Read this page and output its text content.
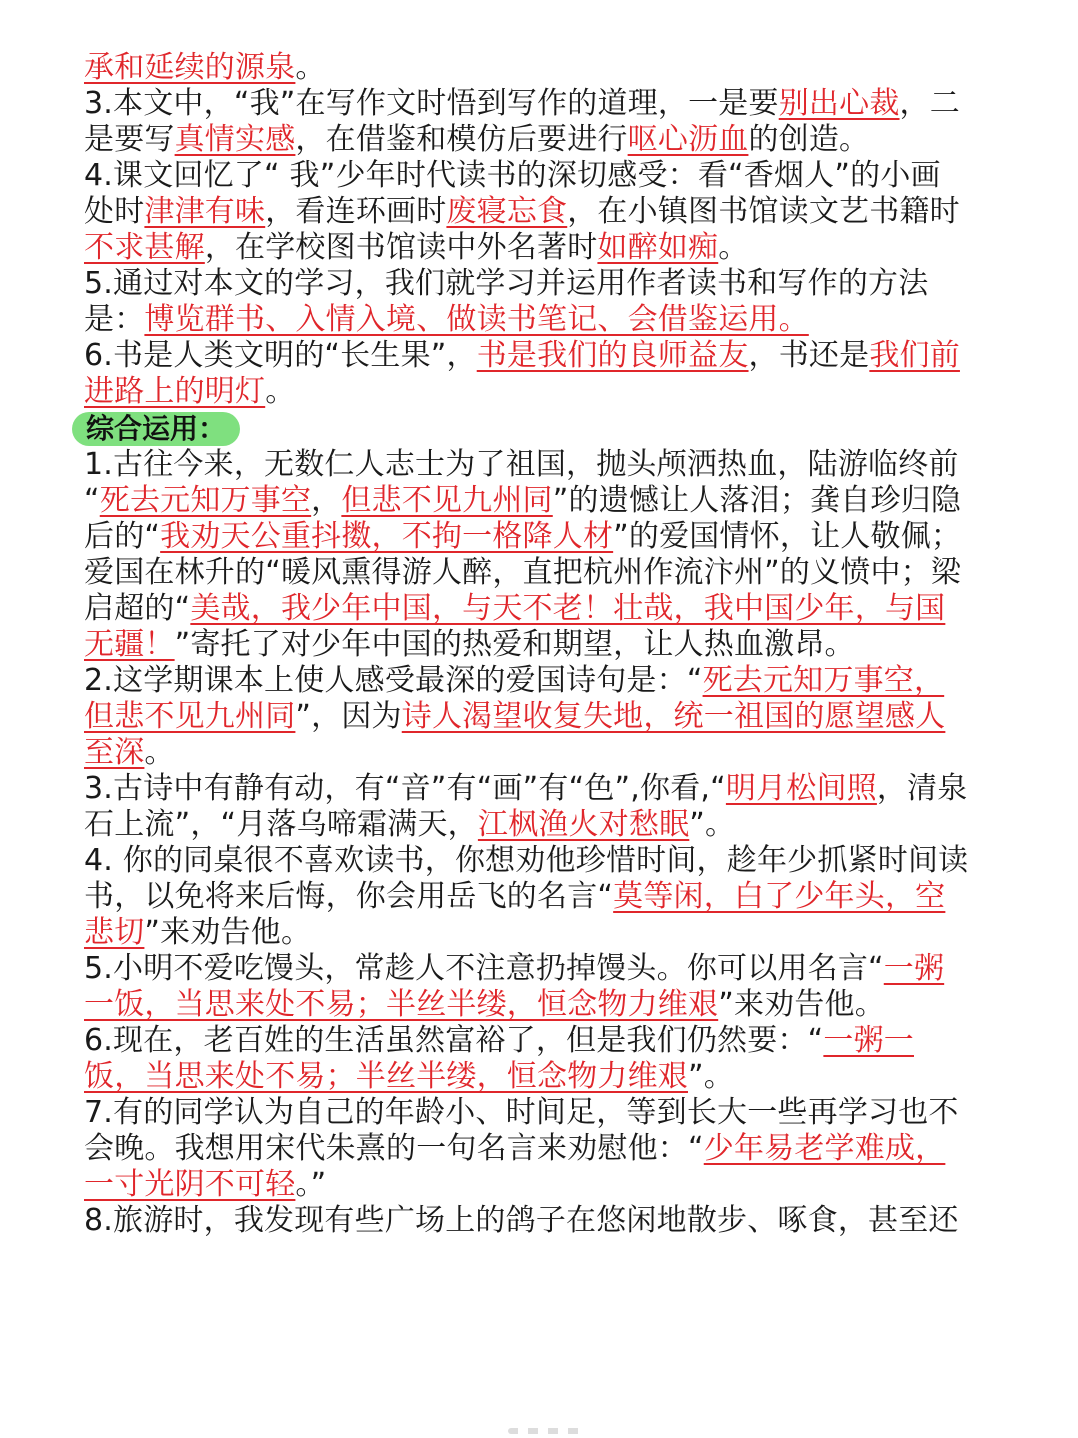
承和延续的源泉。
3.本文中，“我”在写作文时悟到写作的道理，一是要别出心裁，二
是要写真情实感，在借鉴和模仿后要进行呕心沥血的创造。
4.课文回忆了“ 我”少年时代读书的深切感受：看“香烟人”的小画
处时津津有味，看连环画时废寝忘食，在小镇图书馆读文艺书籍时
不求甚解，在学校图书馆读中外名著时如醉如痴。
5.通过对本文的学习，我们就学习并运用作者读书和写作的方法
是：博览群书、入情入境、做读书笔记、会借鉴运用。
6.书是人类文明的“长生果”，书是我们的良师益友，书还是我们前
进路上的明灯。
综合运用：
1.古往今来，无数仁人志士为了祖国，抛头颅洒热血，陆游临终前
“死去元知万事空，但悲不见九州同”的遗憾让人落泪；龚自珍归隐
后的“我劝天公重抖擞，不拘一格降人材”的爱国情怀，让人敬佩；
爱国在林升的“暖风熏得游人醉，直把杭州作流汴州”的义愤中；梁
启超的“美哉，我少年中国，与天不老！壮哉，我中国少年，与国
无疆！”寄托了对少年中国的热爱和期望，让人热血激昂。
2.这学期课本上使人感受最深的爱国诗句是：“死去元知万事空，
但悲不见九州同”，因为诗人渴望收复失地，统一祖国的愿望感人
至深。
3.古诗中有静有动，有“音”有“画”有“色”,你看,“明月松间照，清泉
石上流”，“月落乌啼霜满天，江枫渔火对愁眠”。
4. 你的同桌很不喜欢读书，你想劝他珍惜时间，趁年少抓紧时间读
书，以免将来后悔，你会用岳飞的名言“莫等闲，白了少年头，空
悲切”来劝告他。
5.小明不爱吃馒头，常趁人不注意扔掉馒头。你可以用名言“一粥
一饭，当思来处不易；半丝半缕，恒念物力维艰”来劝告他。
6.现在，老百姓的生活虽然富裕了，但是我们仍然要：“一粥一
饭，当思来处不易；半丝半缕，恒念物力维艰”。
7.有的同学认为自己的年龄小、时间足，等到长大一些再学习也不
会晚。我想用宋代朱熹的一句名言来劝慰他：“少年易老学难成，
一寸光阴不可轻。”
8.旅游时，我发现有些广场上的鸽子在悠闲地散步、啄食，甚至还
